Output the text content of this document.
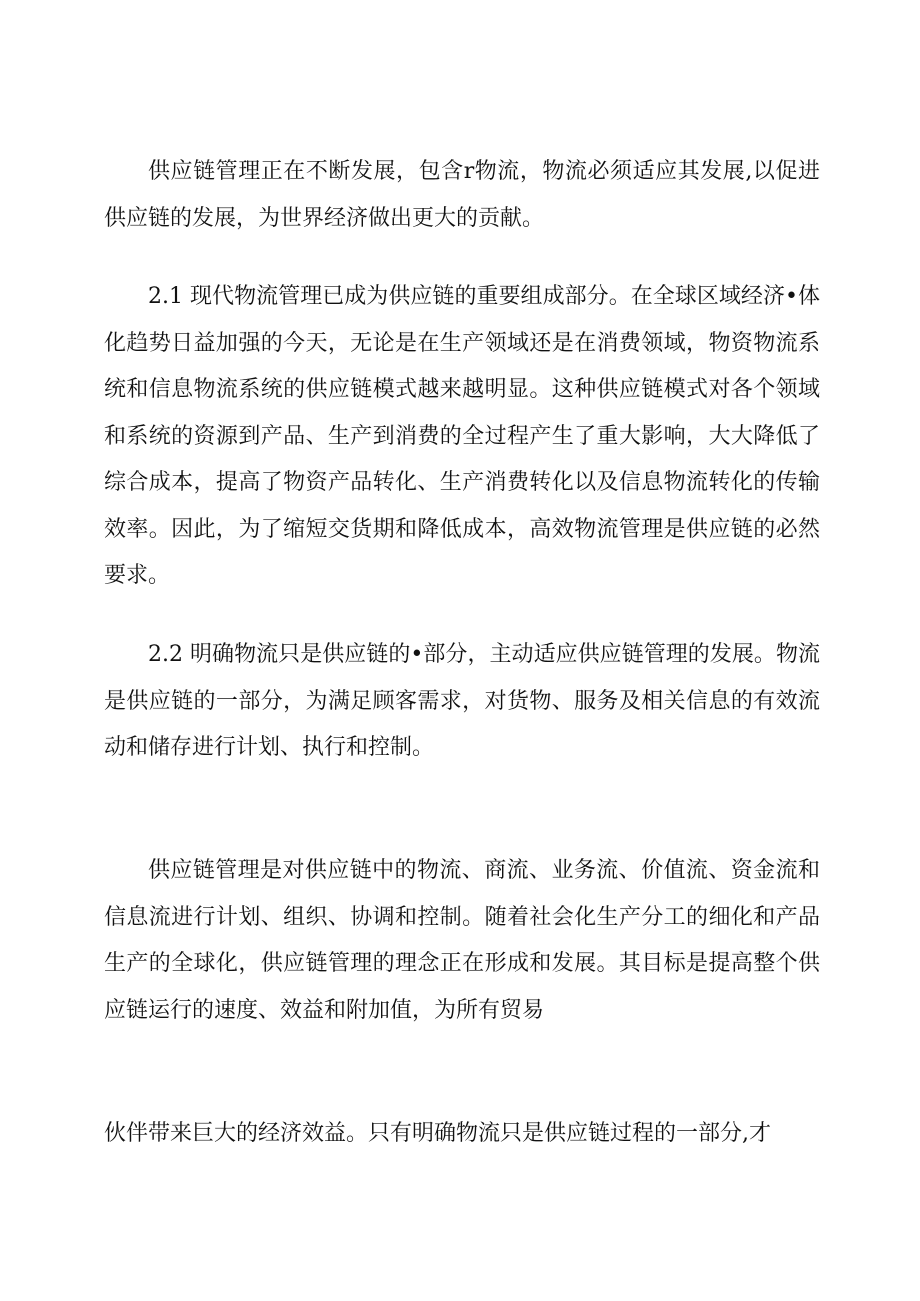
供应链管理正在不断发展，包含r物流，物流必须适应其发展,以促进供应链的发展，为世界经济做出更大的贡献。

2.1 现代物流管理已成为供应链的重要组成部分。在全球区域经济•体化趋势日益加强的今天，无论是在生产领域还是在消费领域，物资物流系统和信息物流系统的供应链模式越来越明显。这种供应链模式对各个领域和系统的资源到产品、生产到消费的全过程产生了重大影响，大大降低了综合成本，提高了物资产品转化、生产消费转化以及信息物流转化的传输效率。因此，为了缩短交货期和降低成本，高效物流管理是供应链的必然要求。

2.2 明确物流只是供应链的•部分，主动适应供应链管理的发展。物流是供应链的一部分，为满足顾客需求，对货物、服务及相关信息的有效流动和储存进行计划、执行和控制。

供应链管理是对供应链中的物流、商流、业务流、价值流、资金流和信息流进行计划、组织、协调和控制。随着社会化生产分工的细化和产品生产的全球化，供应链管理的理念正在形成和发展。其目标是提高整个供应链运行的速度、效益和附加值，为所有贸易

伙伴带来巨大的经济效益。只有明确物流只是供应链过程的一部分,才
